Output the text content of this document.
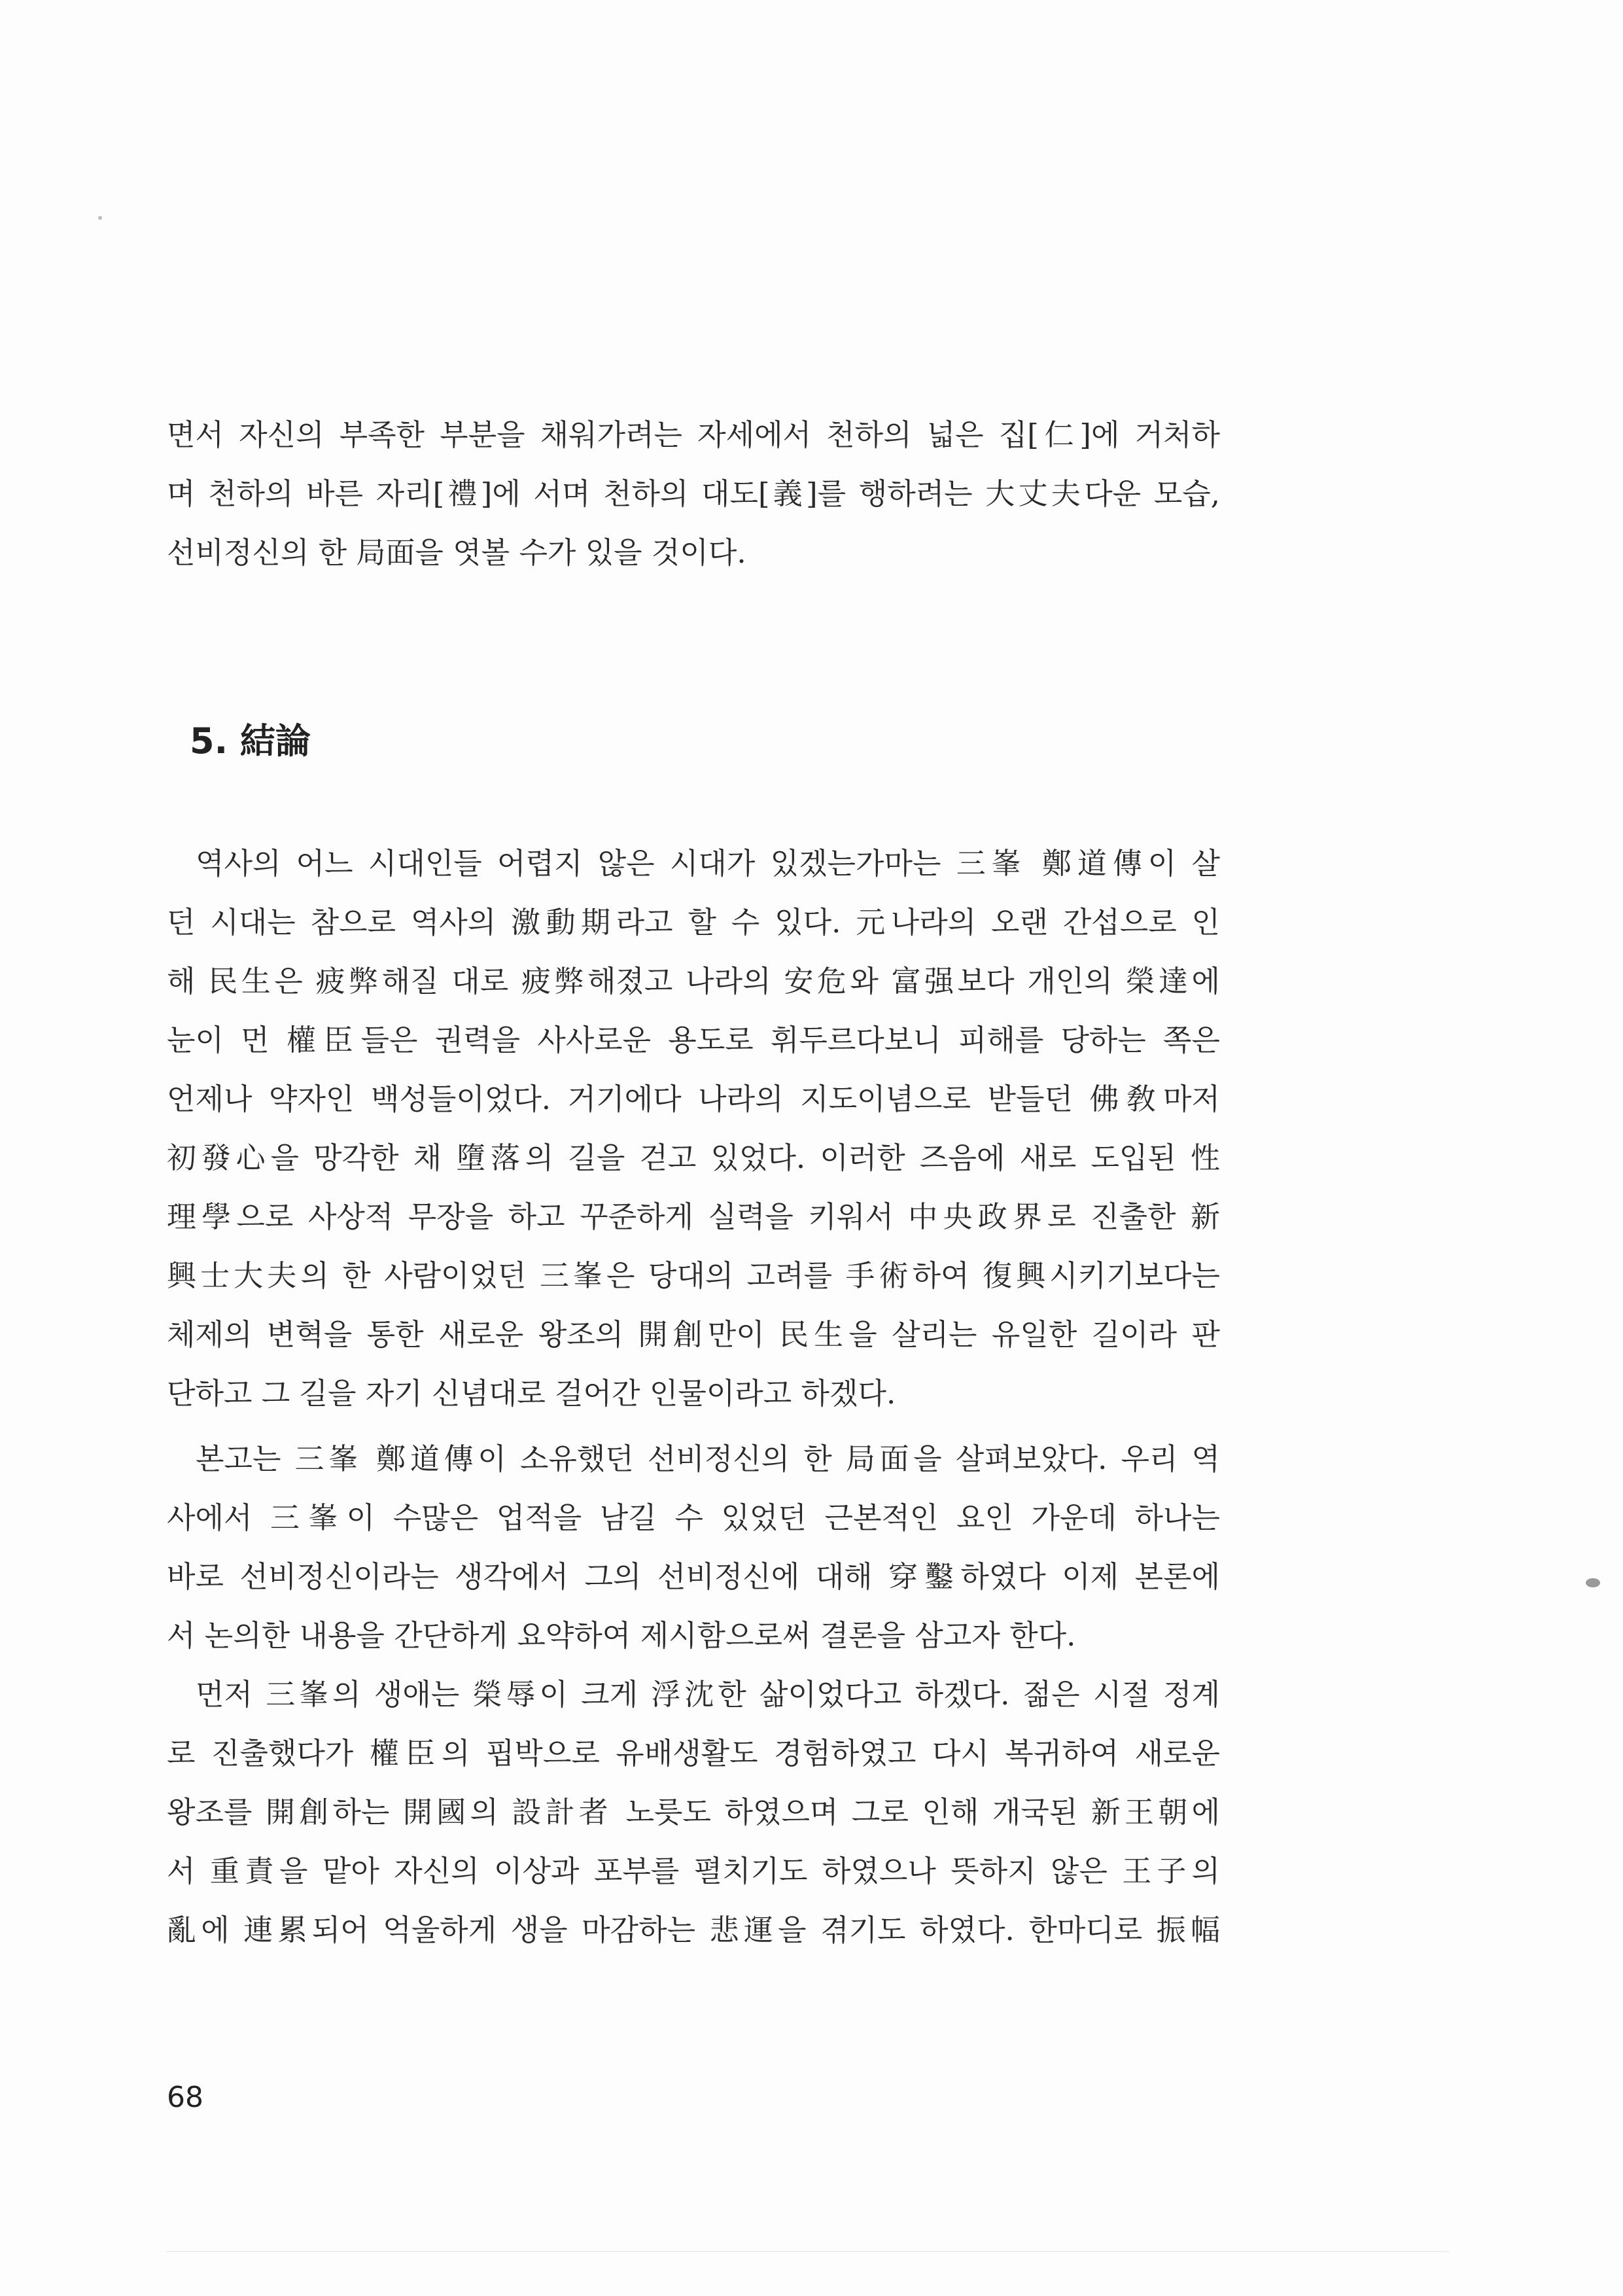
면서 자신의 부족한 부분을 채워가려는 자세에서 천하의 넓은 집[仁]에 거처하
며 천하의 바른 자리[禮]에 서며 천하의 대도[義]를 행하려는 大丈夫다운 모습,
선비정신의 한 局面을 엿볼 수가 있을 것이다.
5. 結論
역사의 어느 시대인들 어렵지 않은 시대가 있겠는가마는 三峯 鄭道傳이 살
던 시대는 참으로 역사의 激動期라고 할 수 있다. 元나라의 오랜 간섭으로 인
해 民生은 疲弊해질 대로 疲弊해졌고 나라의 安危와 富强보다 개인의 榮達에
눈이 먼 權臣들은 권력을 사사로운 용도로 휘두르다보니 피해를 당하는 쪽은
언제나 약자인 백성들이었다. 거기에다 나라의 지도이념으로 받들던 佛敎마저
初發心을 망각한 채 墮落의 길을 걷고 있었다. 이러한 즈음에 새로 도입된 性
理學으로 사상적 무장을 하고 꾸준하게 실력을 키워서 中央政界로 진출한 新
興士大夫의 한 사람이었던 三峯은 당대의 고려를 手術하여 復興시키기보다는
체제의 변혁을 통한 새로운 왕조의 開創만이 民生을 살리는 유일한 길이라 판
단하고 그 길을 자기 신념대로 걸어간 인물이라고 하겠다.
본고는 三峯 鄭道傳이 소유했던 선비정신의 한 局面을 살펴보았다. 우리 역
사에서 三峯이 수많은 업적을 남길 수 있었던 근본적인 요인 가운데 하나는
바로 선비정신이라는 생각에서 그의 선비정신에 대해 穿鑿하였다 이제 본론에
서 논의한 내용을 간단하게 요약하여 제시함으로써 결론을 삼고자 한다.
먼저 三峯의 생애는 榮辱이 크게 浮沈한 삶이었다고 하겠다. 젊은 시절 정계
로 진출했다가 權臣의 핍박으로 유배생활도 경험하였고 다시 복귀하여 새로운
왕조를 開創하는 開國의 設計者 노릇도 하였으며 그로 인해 개국된 新王朝에
서 重責을 맡아 자신의 이상과 포부를 펼치기도 하였으나 뜻하지 않은 王子의
亂에 連累되어 억울하게 생을 마감하는 悲運을 겪기도 하였다. 한마디로 振幅
68
